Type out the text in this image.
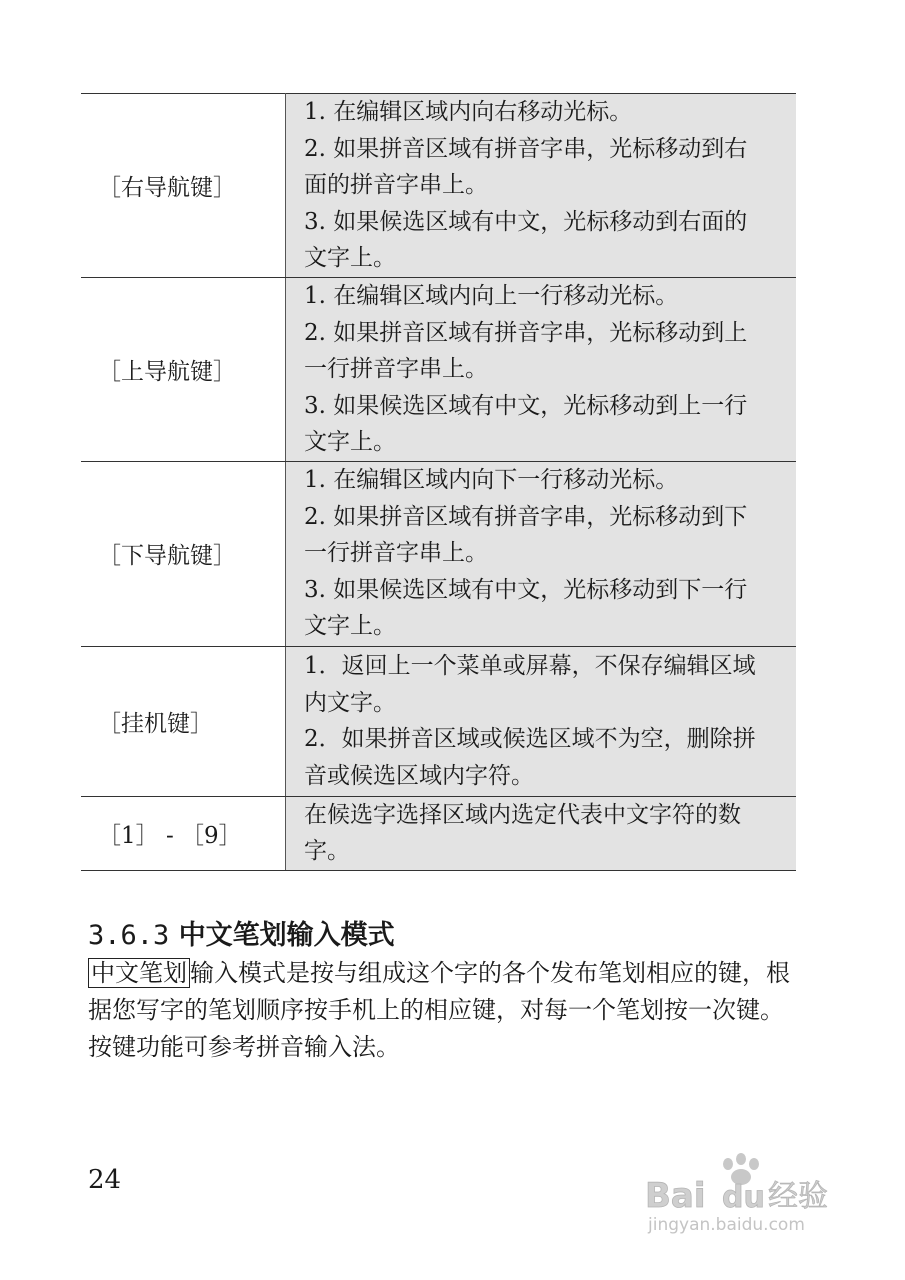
［右导航键］	1. 在编辑区域内向右移动光标。
2. 如果拼音区域有拼音字串，光标移动到右
面的拼音字串上。
3. 如果候选区域有中文，光标移动到右面的
文字上。

［上导航键］	1. 在编辑区域内向上一行移动光标。
2. 如果拼音区域有拼音字串，光标移动到上
一行拼音字串上。
3. 如果候选区域有中文，光标移动到上一行
文字上。

［下导航键］	1. 在编辑区域内向下一行移动光标。
2. 如果拼音区域有拼音字串，光标移动到下
一行拼音字串上。
3. 如果候选区域有中文，光标移动到下一行
文字上。

［挂机键］	1．返回上一个菜单或屏幕，不保存编辑区域
内文字。
2．如果拼音区域或候选区域不为空，删除拼
音或候选区域内字符。

［1］ - ［9］	在候选字选择区域内选定代表中文字符的数
字。
3.6.3 中文笔划输入模式

中文笔划 输入模式是按与组成这个字的各个发布笔划相应的键，根据您写字的笔划顺序按手机上的相应键，对每一个笔划按一次键。按键功能可参考拼音输入法。

24	Bai du 经验
jingyan.baidu.com
